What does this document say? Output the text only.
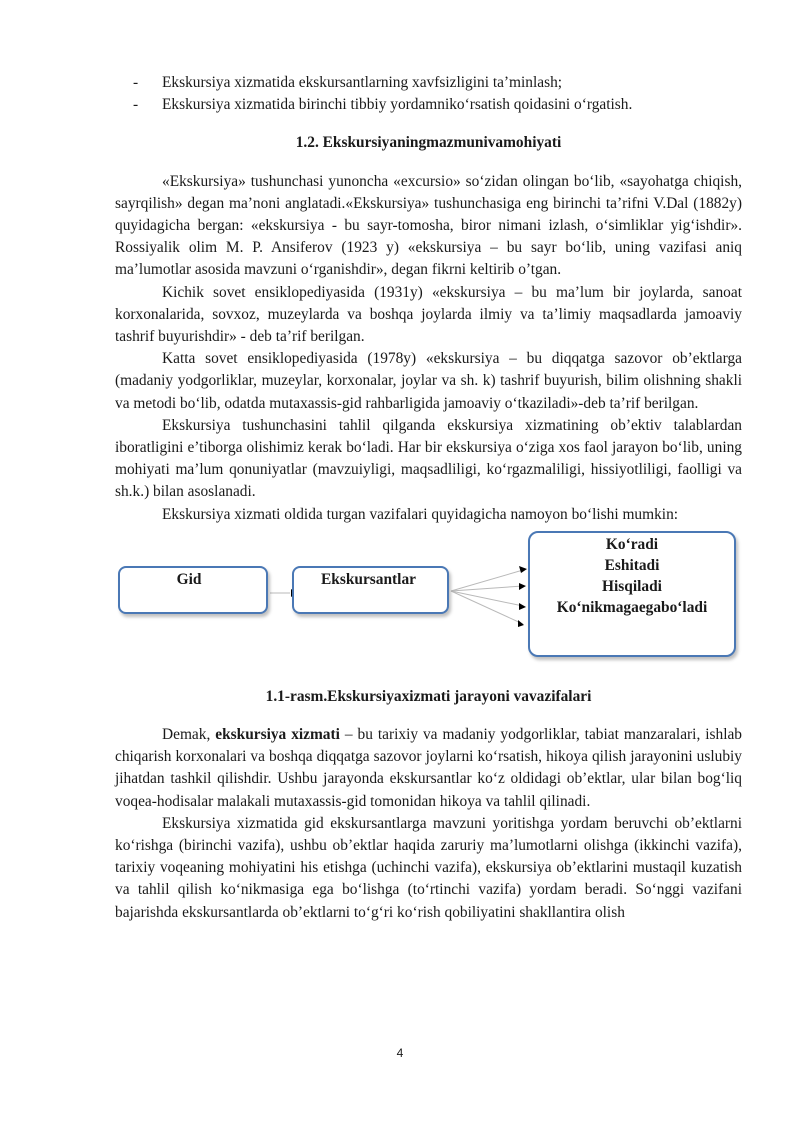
-	Ekskursiya xizmatida ekskursantlarning xavfsizligini ta’minlash;

- Ekskursiya xizmatida birinchi tibbiy yordamniko‘rsatish qoidasini o‘rgatish.

1.2. Ekskursiyaningmazmunivamohiyati

«Ekskursiya» tushunchasi yunoncha «excursio» so‘zidan olingan bo‘lib, «sayohatga chiqish, sayrqilish» degan ma’noni anglatadi.«Ekskursiya» tushunchasiga eng birinchi ta’rifni V.Dal (1882y) quyidagicha bergan: «ekskursiya - bu sayr-tomosha, biror nimani izlash, o‘simliklar yig‘ishdir». Rossiyalik olim M. P. Ansiferov (1923 y) «ekskursiya – bu sayr bo‘lib, uning vazifasi aniq ma’lumotlar asosida mavzuni o‘rganishdir», degan fikrni keltirib o’tgan.

Kichik sovet ensiklopediyasida (1931y) «ekskursiya – bu ma’lum bir joylarda, sanoat korxonalarida, sovxoz, muzeylarda va boshqa joylarda ilmiy va ta’limiy maqsadlarda jamoaviy tashrif buyurishdir» - deb ta’rif berilgan.

Katta sovet ensiklopediyasida (1978y) «ekskursiya – bu diqqatga sazovor ob’ektlarga (madaniy yodgorliklar, muzeylar, korxonalar, joylar va sh. k) tashrif buyurish, bilim olishning shakli va metodi bo‘lib, odatda mutaxassis-gid rahbarligida jamoaviy o‘tkaziladi»-deb ta’rif berilgan.

Ekskursiya tushunchasini tahlil qilganda ekskursiya xizmatining ob’ektiv talablardan iboratligini e’tiborga olishimiz kerak bo‘ladi. Har bir ekskursiya o‘ziga xos faol jarayon bo‘lib, uning mohiyati ma’lum qonuniyatlar (mavzuiyligi, maqsadliligi, ko‘rgazmaliligi, hissiyotliligi, faolligi va sh.k.) bilan asoslanadi.

Ekskursiya xizmati oldida turgan vazifalari quyidagicha namoyon bo‘lishi mumkin:

Gid	Ekskursantlar
Ko‘radi
Eshitadi
Hisqiladi
Ko‘nikmagaegabo‘ladi
1.1-rasm.Ekskursiyaxizmati jarayoni vavazifalari

Demak, ekskursiya xizmati – bu tarixiy va madaniy yodgorliklar, tabiat manzaralari, ishlab chiqarish korxonalari va boshqa diqqatga sazovor joylarni ko‘rsatish, hikoya qilish jarayonini uslubiy jihatdan tashkil qilishdir. Ushbu jarayonda ekskursantlar ko‘z oldidagi ob’ektlar, ular bilan bog‘liq voqea-hodisalar malakali mutaxassis-gid tomonidan hikoya va tahlil qilinadi.

Ekskursiya xizmatida gid ekskursantlarga mavzuni yoritishga yordam beruvchi ob’ektlarni ko‘rishga (birinchi vazifa), ushbu ob’ektlar haqida zaruriy ma’lumotlarni olishga (ikkinchi vazifa), tarixiy voqeaning mohiyatini his etishga (uchinchi vazifa), ekskursiya ob’ektlarini mustaqil kuzatish va tahlil qilish ko‘nikmasiga ega bo‘lishga (to‘rtinchi vazifa) yordam beradi. So‘nggi vazifani bajarishda ekskursantlarda ob’ektlarni to‘g‘ri ko‘rish qobiliyatini shakllantira olish

4
